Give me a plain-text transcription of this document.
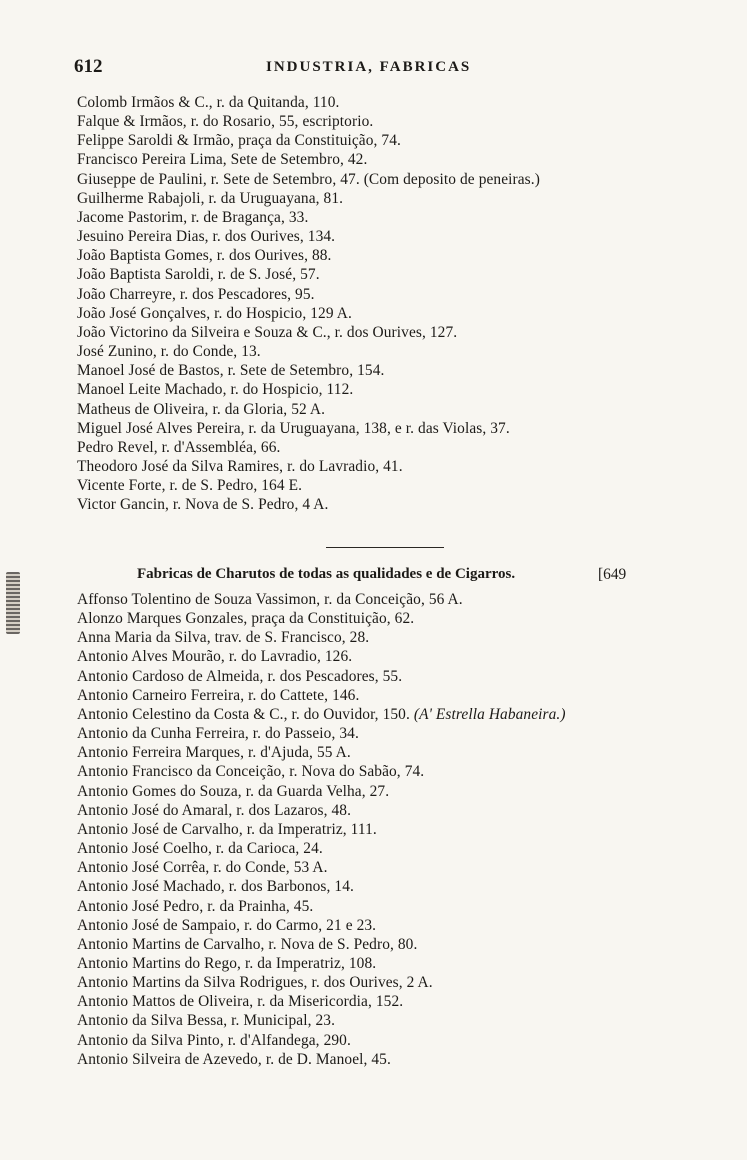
612	INDUSTRIA, FABRICAS
Colomb Irmãos & C., r. da Quitanda, 110.
Falque & Irmãos, r. do Rosario, 55, escriptorio.
Felippe Saroldi & Irmão, praça da Constituição, 74.
Francisco Pereira Lima, Sete de Setembro, 42.
Giuseppe de Paulini, r. Sete de Setembro, 47. (Com deposito de peneiras.)
Guilherme Rabajoli, r. da Uruguayana, 81.
Jacome Pastorim, r. de Bragança, 33.
Jesuino Pereira Dias, r. dos Ourives, 134.
João Baptista Gomes, r. dos Ourives, 88.
João Baptista Saroldi, r. de S. José, 57.
João Charreyre, r. dos Pescadores, 95.
João José Gonçalves, r. do Hospicio, 129 A.
João Victorino da Silveira e Souza & C., r. dos Ourives, 127.
José Zunino, r. do Conde, 13.
Manoel José de Bastos, r. Sete de Setembro, 154.
Manoel Leite Machado, r. do Hospicio, 112.
Matheus de Oliveira, r. da Gloria, 52 A.
Miguel José Alves Pereira, r. da Uruguayana, 138, e r. das Violas, 37.
Pedro Revel, r. d'Assembléa, 66.
Theodoro José da Silva Ramires, r. do Lavradio, 41.
Vicente Forte, r. de S. Pedro, 164 E.
Victor Gancin, r. Nova de S. Pedro, 4 A.
Fabricas de Charutos de todas as qualidades e de Cigarros.	[649
Affonso Tolentino de Souza Vassimon, r. da Conceição, 56 A.
Alonzo Marques Gonzales, praça da Constituição, 62.
Anna Maria da Silva, trav. de S. Francisco, 28.
Antonio Alves Mourão, r. do Lavradio, 126.
Antonio Cardoso de Almeida, r. dos Pescadores, 55.
Antonio Carneiro Ferreira, r. do Cattete, 146.
Antonio Celestino da Costa & C., r. do Ouvidor, 150. (A' Estrella Habaneira.)
Antonio da Cunha Ferreira, r. do Passeio, 34.
Antonio Ferreira Marques, r. d'Ajuda, 55 A.
Antonio Francisco da Conceição, r. Nova do Sabão, 74.
Antonio Gomes do Souza, r. da Guarda Velha, 27.
Antonio José do Amaral, r. dos Lazaros, 48.
Antonio José de Carvalho, r. da Imperatriz, 111.
Antonio José Coelho, r. da Carioca, 24.
Antonio José Corrêa, r. do Conde, 53 A.
Antonio José Machado, r. dos Barbonos, 14.
Antonio José Pedro, r. da Prainha, 45.
Antonio José de Sampaio, r. do Carmo, 21 e 23.
Antonio Martins de Carvalho, r. Nova de S. Pedro, 80.
Antonio Martins do Rego, r. da Imperatriz, 108.
Antonio Martins da Silva Rodrigues, r. dos Ourives, 2 A.
Antonio Mattos de Oliveira, r. da Misericordia, 152.
Antonio da Silva Bessa, r. Municipal, 23.
Antonio da Silva Pinto, r. d'Alfandega, 290.
Antonio Silveira de Azevedo, r. de D. Manoel, 45.
